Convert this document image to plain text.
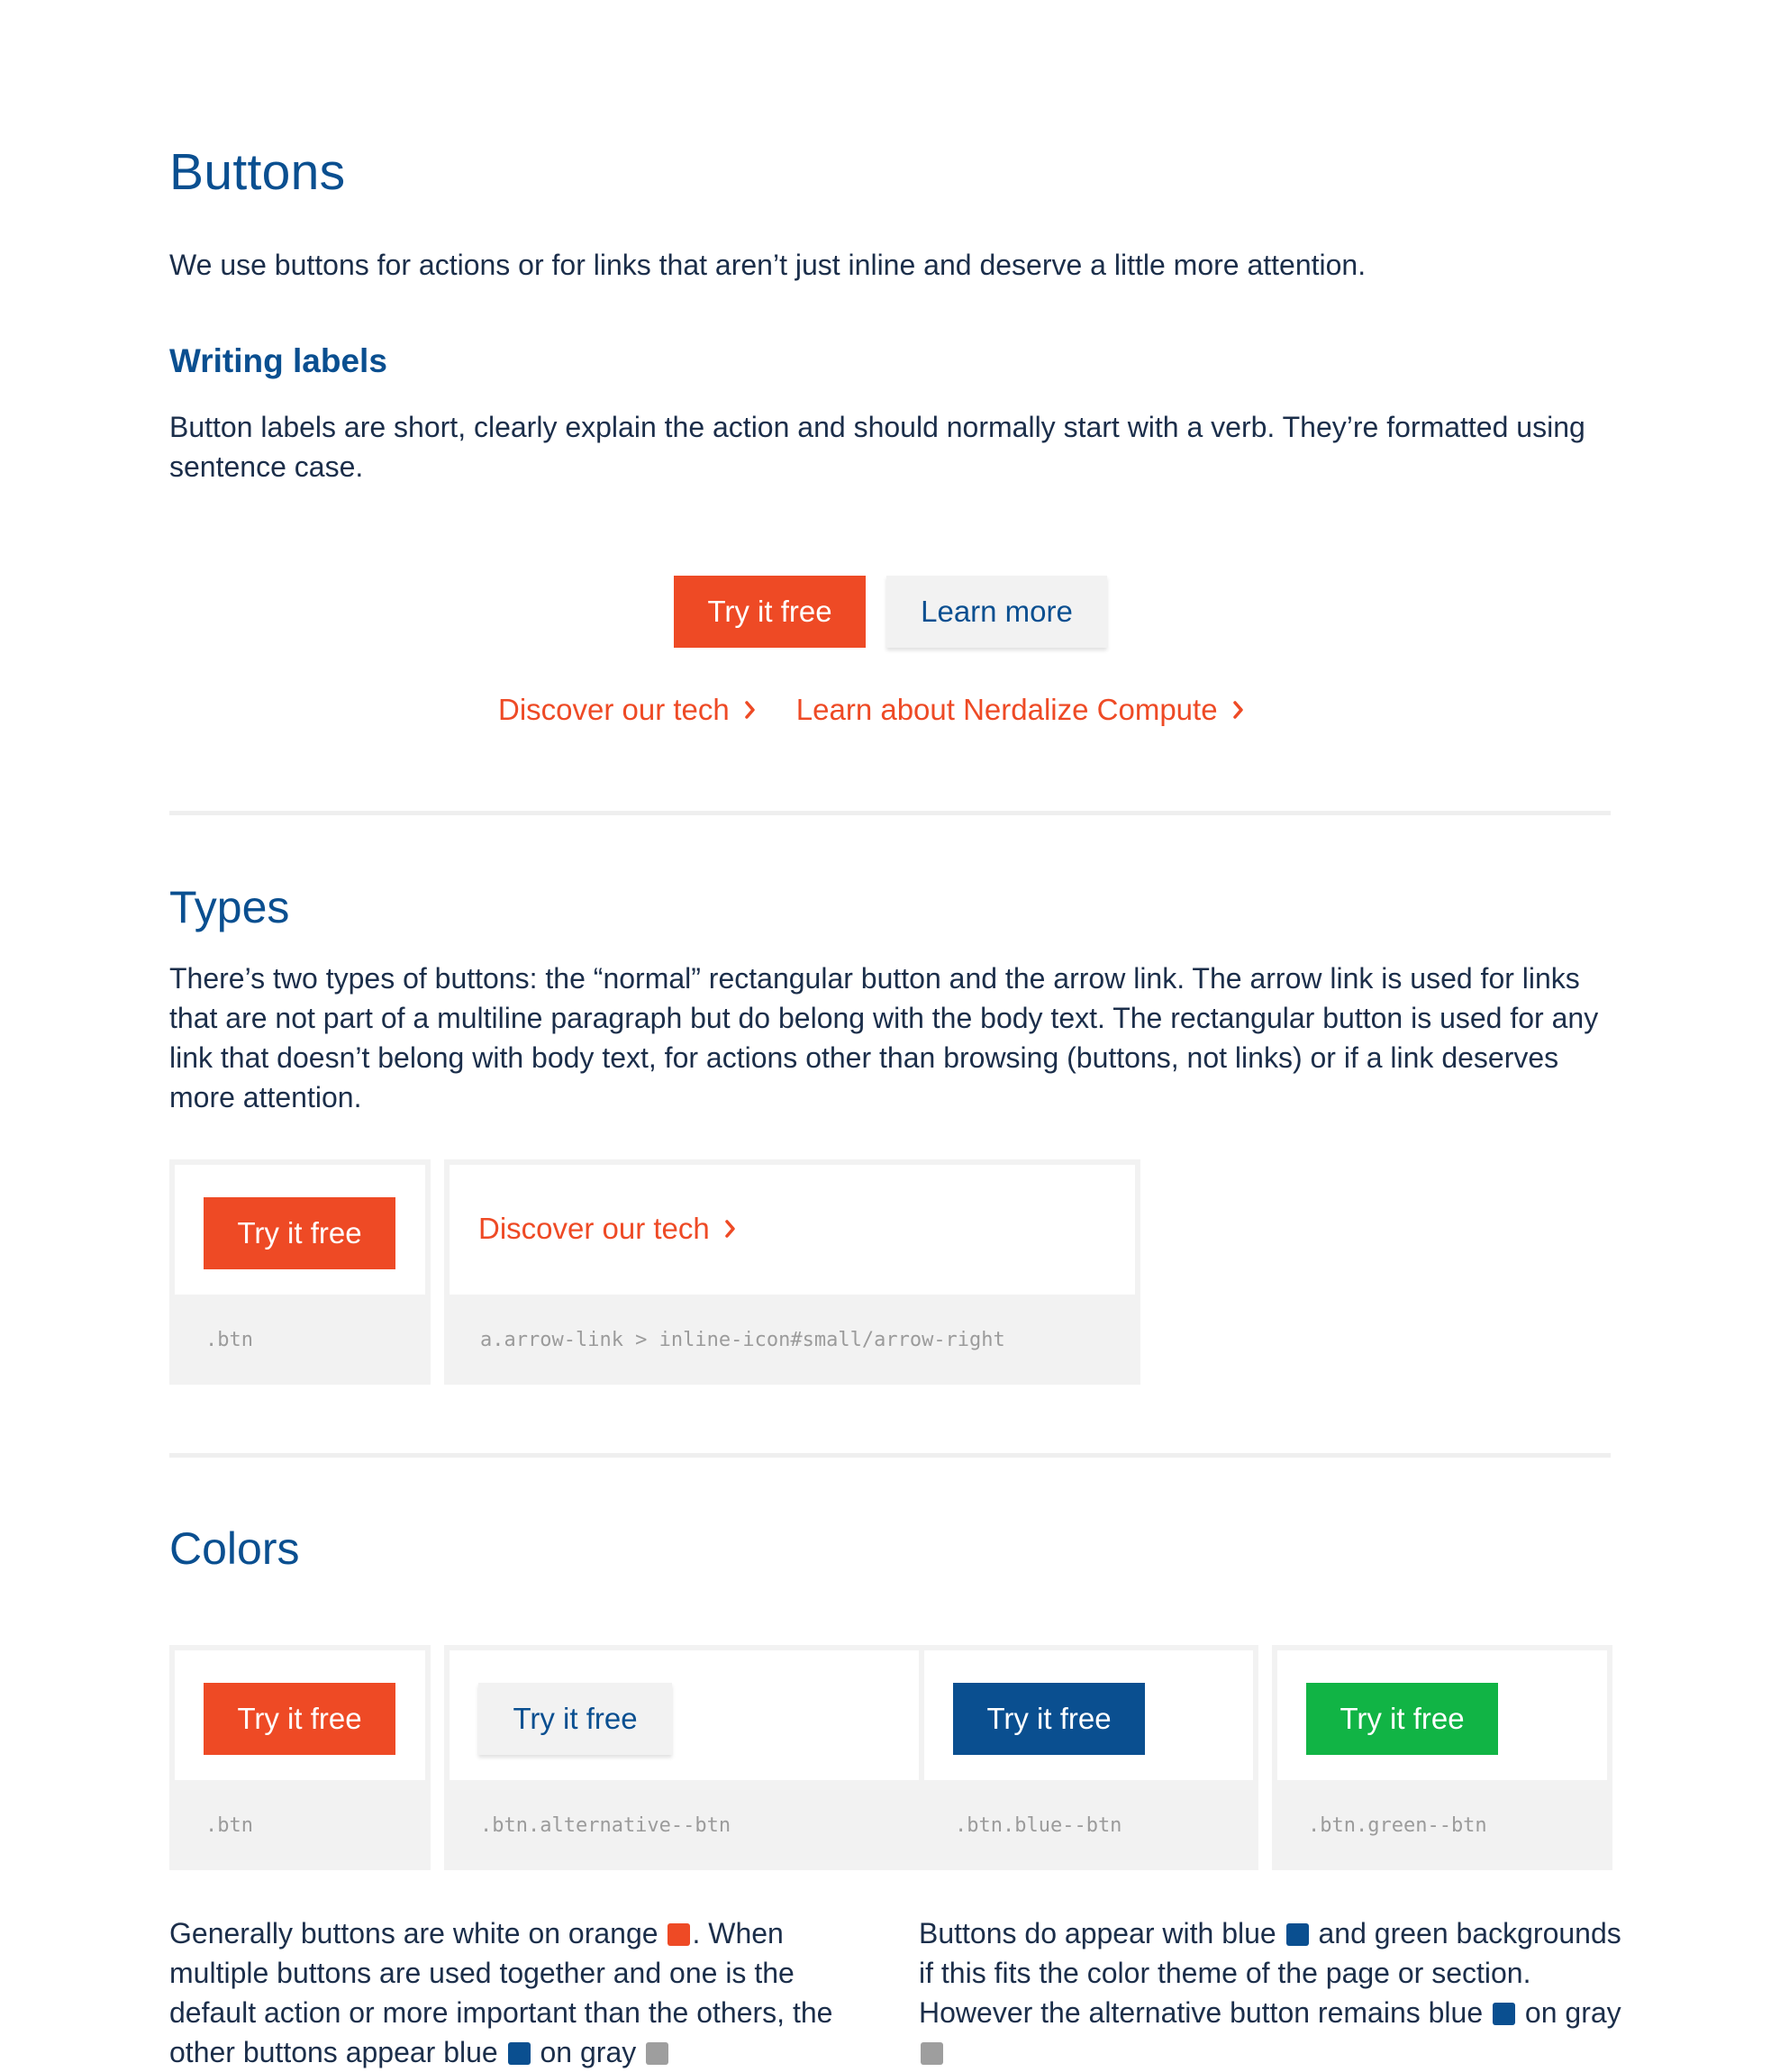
Buttons

We use buttons for actions or for links that aren’t just inline and deserve a little more attention.

Writing labels

Button labels are short, clearly explain the action and should normally start with a verb. They’re formatted using sentence case.

Try it free	Learn more
Discover our tech Learn about Nerdalize Compute
Types

There’s two types of buttons: the “normal” rectangular button and the arrow link. The arrow link is used for links that are not part of a multiline paragraph but do belong with the body text. The rectangular button is used for any link that doesn’t belong with body text, for actions other than browsing (buttons, not links) or if a link deserves more attention.

Try it free
.btn
Discover our tech
a.arrow-link > inline-icon#small/arrow-right
Colors
Try it free
.btn
Try it free
.btn.alternative--btn
Try it free
.btn.blue--btn
Try it free
.btn.green--btn

Generally buttons are white on orange . When multiple buttons are used together and one is the default action or more important than the others, the other buttons appear blue on gray

Buttons do appear with blue and green backgrounds if this fits the color theme of the page or section. However the alternative button remains blue on gray
